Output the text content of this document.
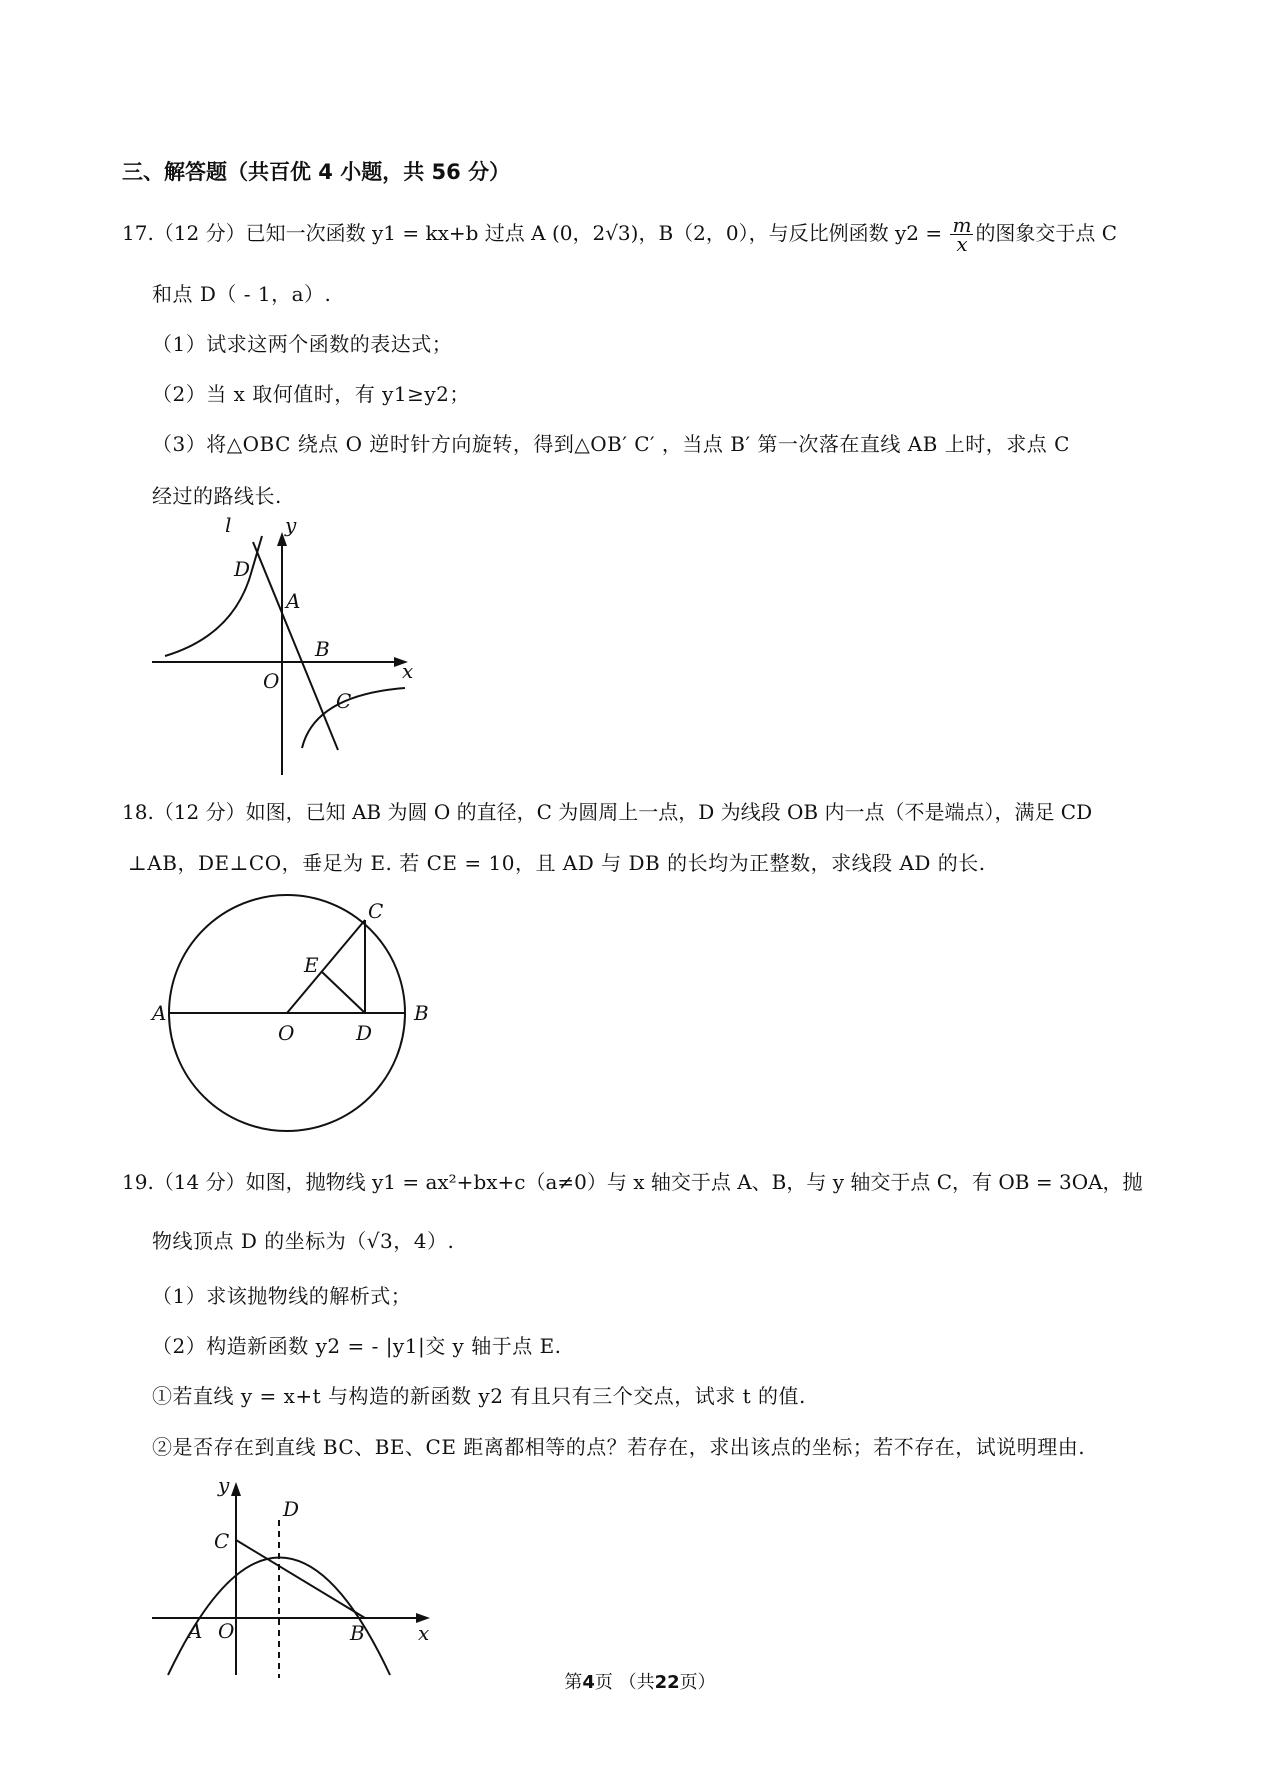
三、解答题（共百优 4 小题，共 56 分）
17.（12 分）已知一次函数 y1 = kx+b 过点 A (0，2√3)，B（2，0），与反比例函数 $y2 = \frac{m}{x}$ 的图象交于点 C
和点 D（ - 1，a）.
（1）试求这两个函数的表达式；
（2）当 x 取何值时，有 y1≥y2；
（3）将△OBC 绕点 O 逆时针方向旋转，得到△OB′ C′ ，当点 B′ 第一次落在直线 AB 上时，求点 C
经过的路线长.
l	y
D
A
B
O	x
C
18.（12 分）如图，已知 AB 为圆 O 的直径，C 为圆周上一点，D 为线段 OB 内一点（不是端点），满足 CD
⊥AB，DE⊥CO，垂足为 E. 若 CE = 10，且 AD 与 DB 的长均为正整数，求线段 AD 的长.
A
O	D
B
E
C
19.（14 分）如图，抛物线 y1 = ax²+bx+c（a≠0）与 x 轴交于点 A、B，与 y 轴交于点 C，有 OB = 3OA，抛
物线顶点 D 的坐标为（√3，4）.
（1）求该抛物线的解析式；
（2）构造新函数 y2 = - |y1|交 y 轴于点 E.
①若直线 y = x+t 与构造的新函数 y2 有且只有三个交点，试求 t 的值.
②是否存在到直线 BC、BE、CE 距离都相等的点？若存在，求出该点的坐标；若不存在，试说明理由.
y
D
C
A O	B	x
第4页 （共22页）
